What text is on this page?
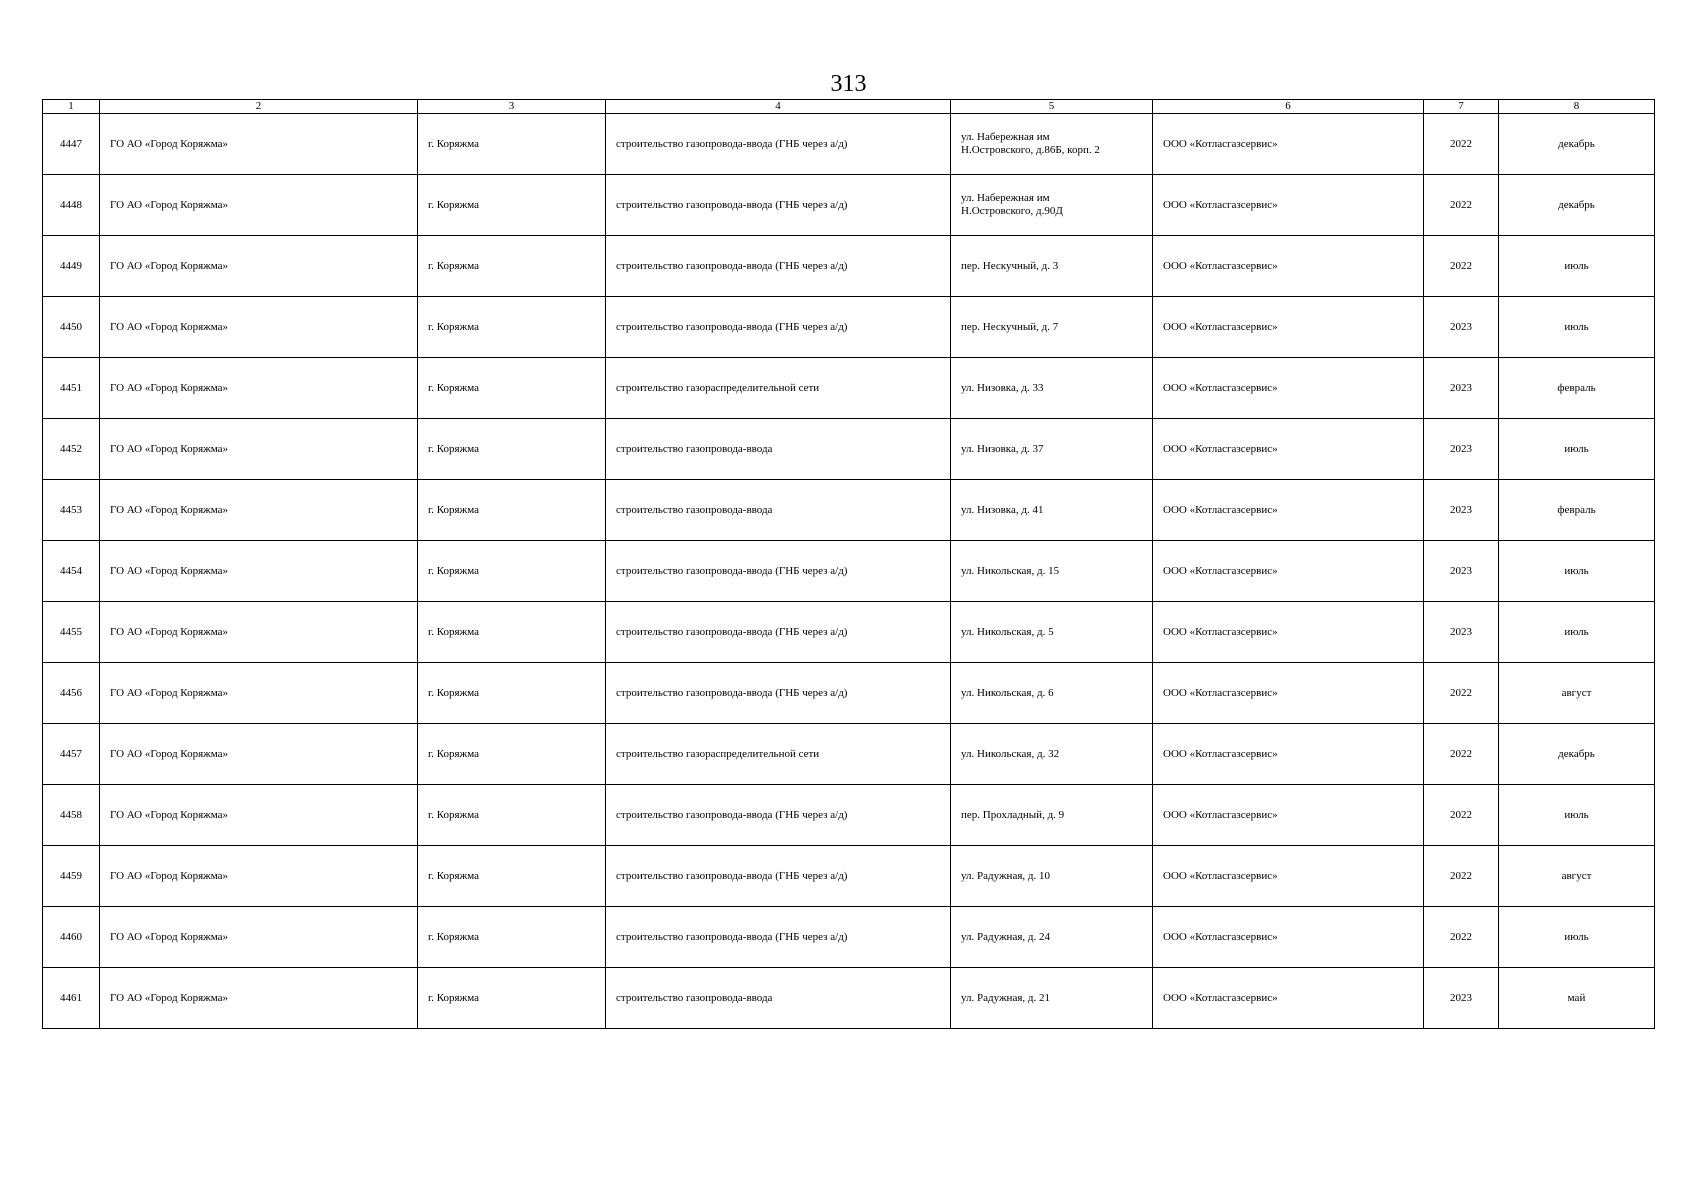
313
1	2	3	4	5	6	7	8
4447	ГО АО «Город Коряжма»	г. Коряжма	строительство газопровода-ввода (ГНБ через а/д)	ул. Набережная им
Н.Островского, д.86Б, корп. 2	ООО «Котласгазсервис»	2022	декабрь
4448	ГО АО «Город Коряжма»	г. Коряжма	строительство газопровода-ввода (ГНБ через а/д)	ул. Набережная им
Н.Островского, д.90Д	ООО «Котласгазсервис»	2022	декабрь
4449	ГО АО «Город Коряжма»	г. Коряжма	строительство газопровода-ввода (ГНБ через а/д)	пер. Нескучный, д. 3	ООО «Котласгазсервис»	2022	июль
4450	ГО АО «Город Коряжма»	г. Коряжма	строительство газопровода-ввода (ГНБ через а/д)	пер. Нескучный, д. 7	ООО «Котласгазсервис»	2023	июль
4451	ГО АО «Город Коряжма»	г. Коряжма	строительство газораспределительной сети	ул. Низовка, д. 33	ООО «Котласгазсервис»	2023	февраль
4452	ГО АО «Город Коряжма»	г. Коряжма	строительство газопровода-ввода	ул. Низовка, д. 37	ООО «Котласгазсервис»	2023	июль
4453	ГО АО «Город Коряжма»	г. Коряжма	строительство газопровода-ввода	ул. Низовка, д. 41	ООО «Котласгазсервис»	2023	февраль
4454	ГО АО «Город Коряжма»	г. Коряжма	строительство газопровода-ввода (ГНБ через а/д)	ул. Никольская, д. 15	ООО «Котласгазсервис»	2023	июль
4455	ГО АО «Город Коряжма»	г. Коряжма	строительство газопровода-ввода (ГНБ через а/д)	ул. Никольская, д. 5	ООО «Котласгазсервис»	2023	июль
4456	ГО АО «Город Коряжма»	г. Коряжма	строительство газопровода-ввода (ГНБ через а/д)	ул. Никольская, д. 6	ООО «Котласгазсервис»	2022	август
4457	ГО АО «Город Коряжма»	г. Коряжма	строительство газораспределительной сети	ул. Никольская, д. 32	ООО «Котласгазсервис»	2022	декабрь
4458	ГО АО «Город Коряжма»	г. Коряжма	строительство газопровода-ввода (ГНБ через а/д)	пер. Прохладный, д. 9	ООО «Котласгазсервис»	2022	июль
4459	ГО АО «Город Коряжма»	г. Коряжма	строительство газопровода-ввода (ГНБ через а/д)	ул. Радужная, д. 10	ООО «Котласгазсервис»	2022	август
4460	ГО АО «Город Коряжма»	г. Коряжма	строительство газопровода-ввода (ГНБ через а/д)	ул. Радужная, д. 24	ООО «Котласгазсервис»	2022	июль
4461	ГО АО «Город Коряжма»	г. Коряжма	строительство газопровода-ввода	ул. Радужная, д. 21	ООО «Котласгазсервис»	2023	май
